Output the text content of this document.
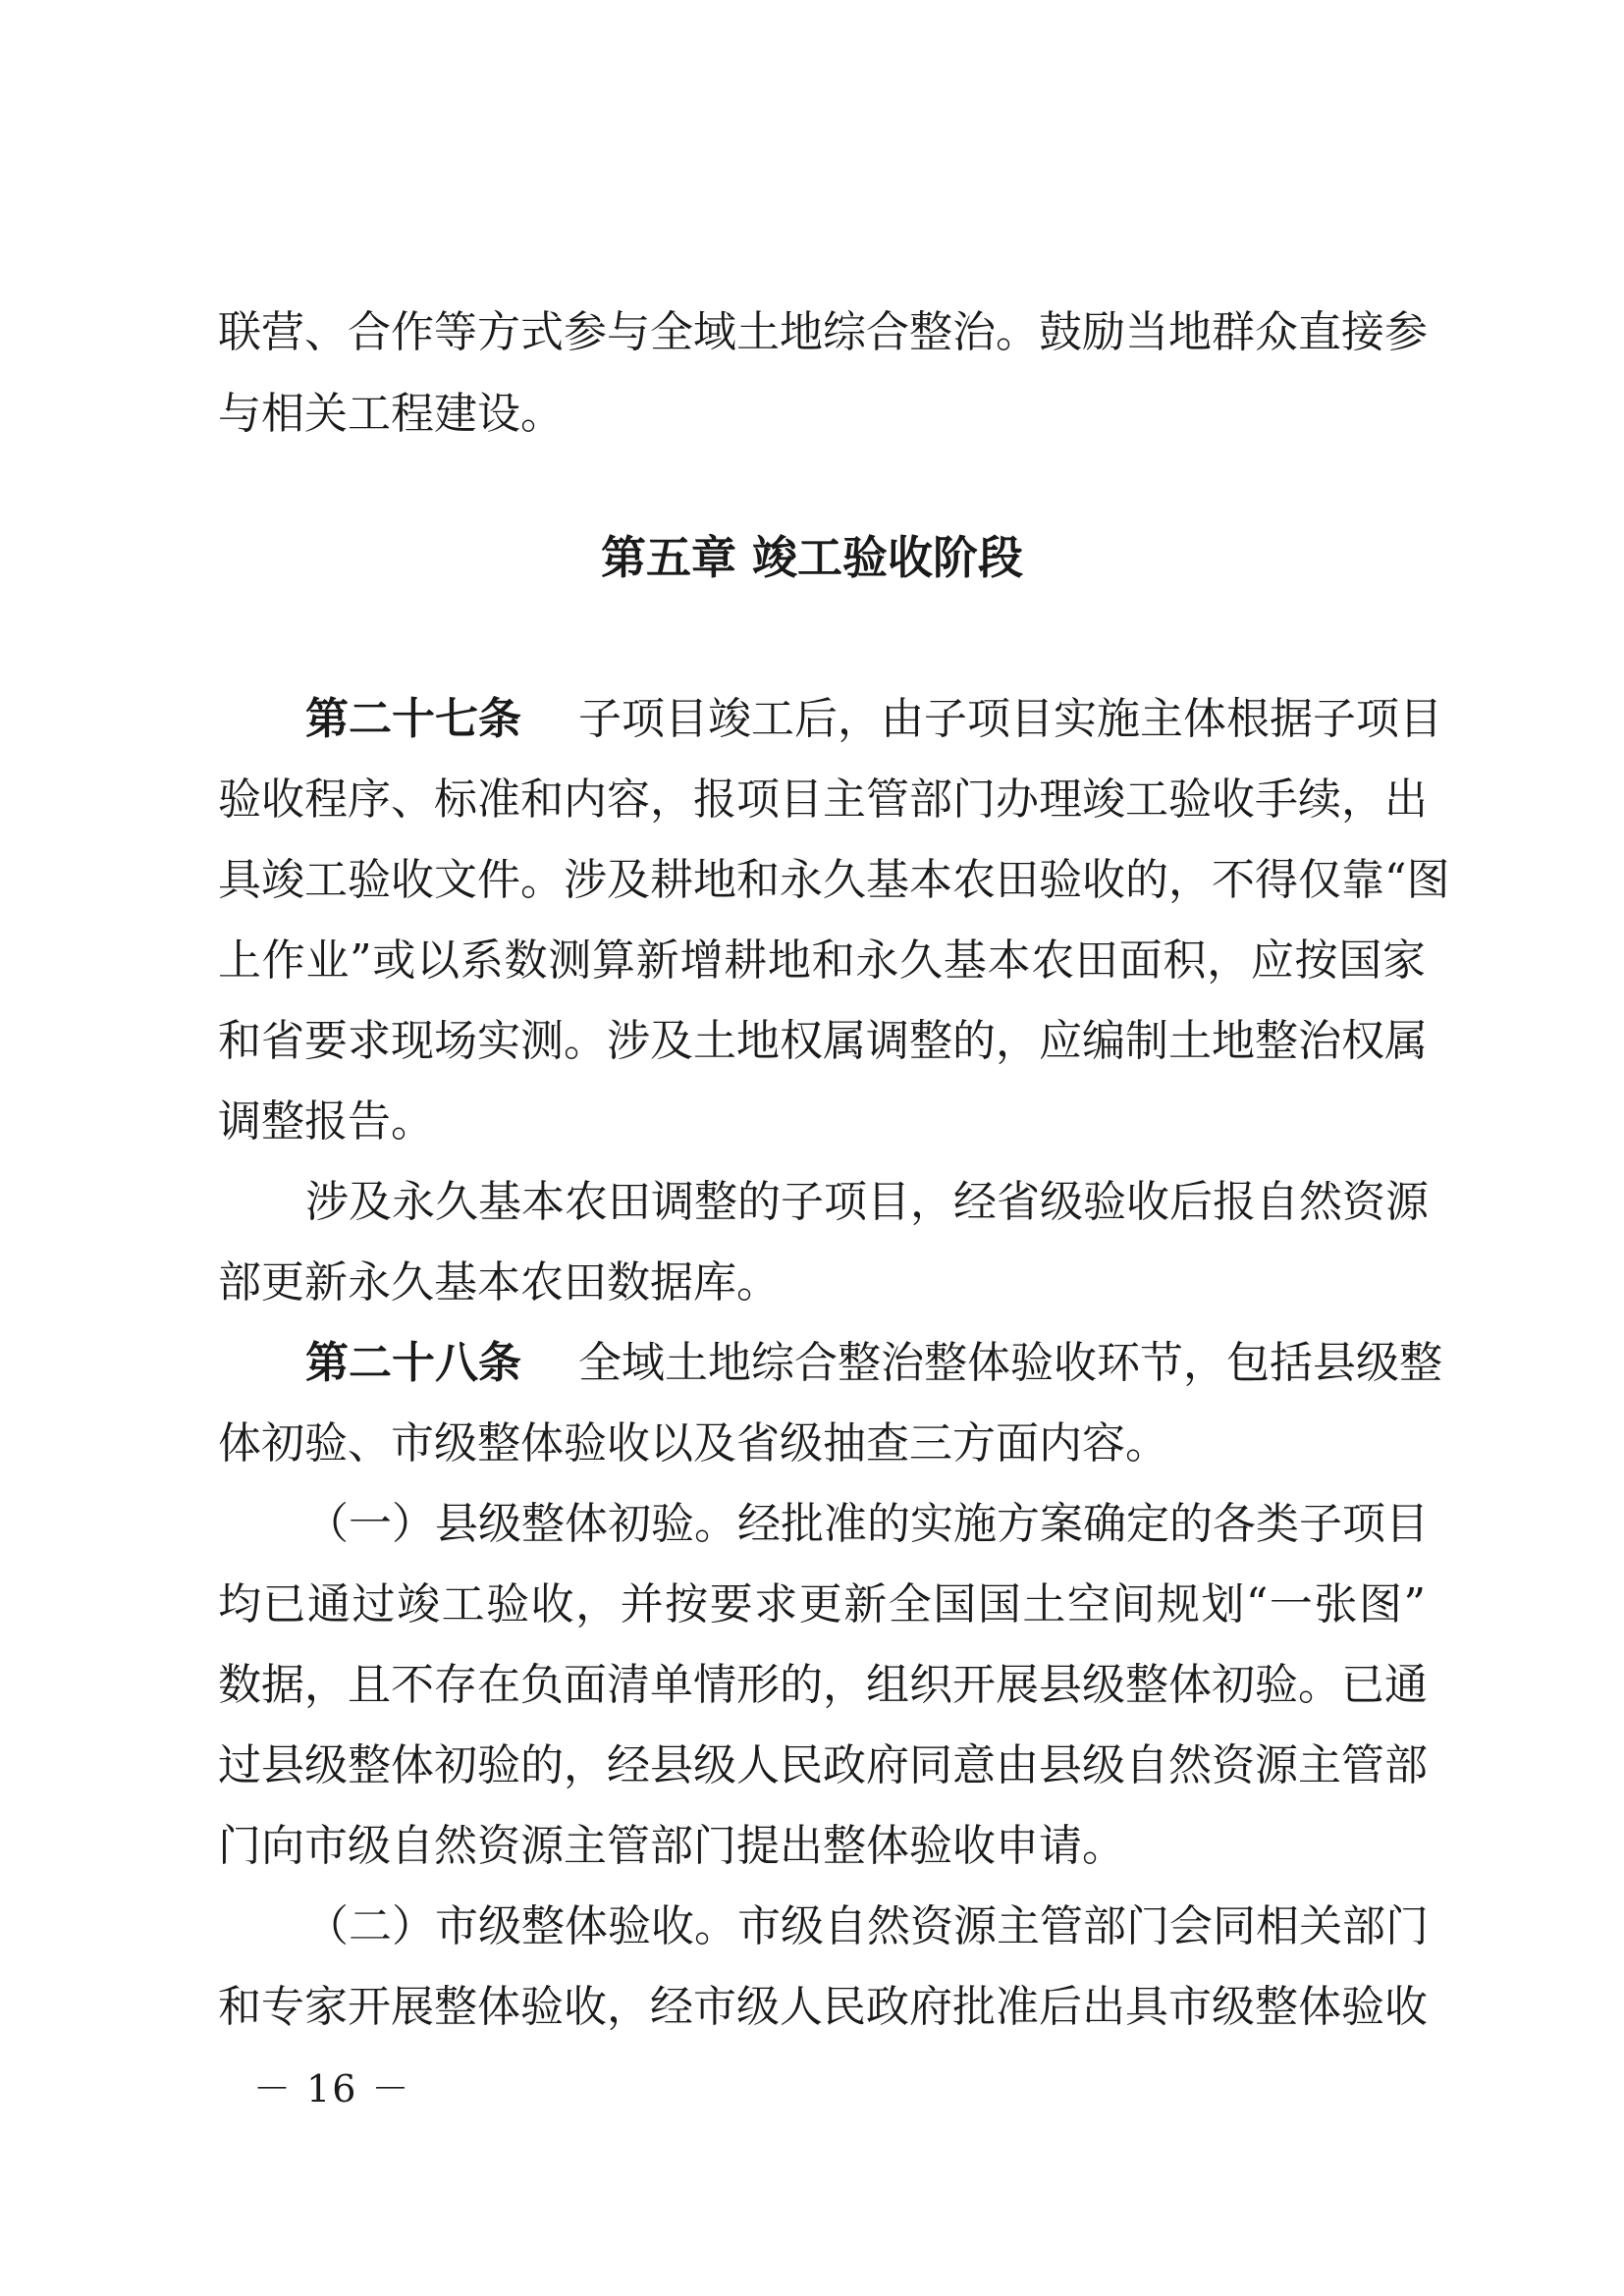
联营、合作等方式参与全域土地综合整治。鼓励当地群众直接参
与相关工程建设。
第五章 竣工验收阶段
第二十七条 子项目竣工后，由子项目实施主体根据子项目
验收程序、标准和内容，报项目主管部门办理竣工验收手续，出
具竣工验收文件。涉及耕地和永久基本农田验收的，不得仅靠“图
上作业”或以系数测算新增耕地和永久基本农田面积，应按国家
和省要求现场实测。涉及土地权属调整的，应编制土地整治权属
调整报告。
涉及永久基本农田调整的子项目，经省级验收后报自然资源
部更新永久基本农田数据库。
第二十八条 全域土地综合整治整体验收环节，包括县级整
体初验、市级整体验收以及省级抽查三方面内容。
（一）县级整体初验。经批准的实施方案确定的各类子项目
均已通过竣工验收，并按要求更新全国国土空间规划“一张图”
数据，且不存在负面清单情形的，组织开展县级整体初验。已通
过县级整体初验的，经县级人民政府同意由县级自然资源主管部
门向市级自然资源主管部门提出整体验收申请。
（二）市级整体验收。市级自然资源主管部门会同相关部门
和专家开展整体验收，经市级人民政府批准后出具市级整体验收
－ 16 －
